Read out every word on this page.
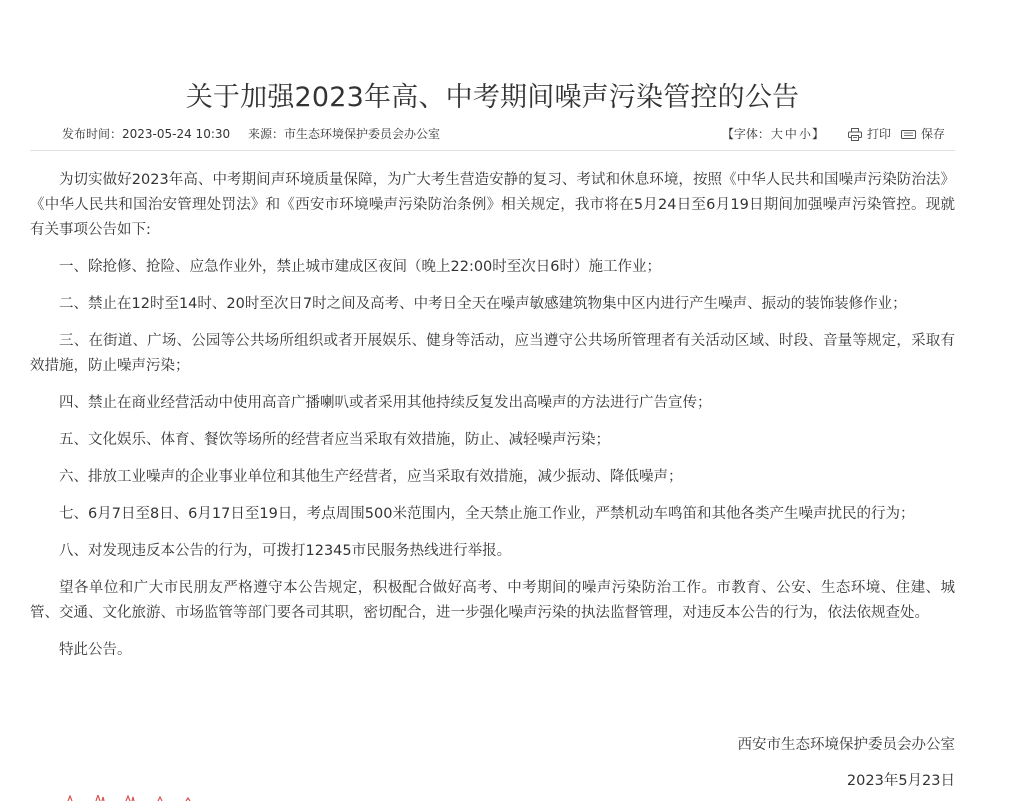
关于加强2023年高、中考期间噪声污染管控的公告
发布时间：2023-05-24 10:30 来源：市生态环境保护委员会办公室	【字体：大 中 小】	打印	保存

为切实做好2023年高、中考期间声环境质量保障，为广大考生营造安静的复习、考试和休息环境，按照《中华人民共和国噪声污染防治法》《中华人民共和国治安管理处罚法》和《西安市环境噪声污染防治条例》相关规定，我市将在5月24日至6月19日期间加强噪声污染管控。现就有关事项公告如下:

一、除抢修、抢险、应急作业外，禁止城市建成区夜间（晚上22:00时至次日6时）施工作业；

二、禁止在12时至14时、20时至次日7时之间及高考、中考日全天在噪声敏感建筑物集中区内进行产生噪声、振动的装饰装修作业；

三、在街道、广场、公园等公共场所组织或者开展娱乐、健身等活动，应当遵守公共场所管理者有关活动区域、时段、音量等规定，采取有效措施，防止噪声污染；

四、禁止在商业经营活动中使用高音广播喇叭或者采用其他持续反复发出高噪声的方法进行广告宣传；

五、文化娱乐、体育、餐饮等场所的经营者应当采取有效措施，防止、减轻噪声污染；

六、排放工业噪声的企业事业单位和其他生产经营者，应当采取有效措施，减少振动、降低噪声；

七、6月7日至8日、6月17日至19日，考点周围500米范围内，全天禁止施工作业，严禁机动车鸣笛和其他各类产生噪声扰民的行为；

八、对发现违反本公告的行为，可拨打12345市民服务热线进行举报。

望各单位和广大市民朋友严格遵守本公告规定，积极配合做好高考、中考期间的噪声污染防治工作。市教育、公安、生态环境、住建、城管、交通、文化旅游、市场监管等部门要各司其职，密切配合，进一步强化噪声污染的执法监督管理，对违反本公告的行为，依法依规查处。

特此公告。

西安市生态环境保护委员会办公室
2023年5月23日
